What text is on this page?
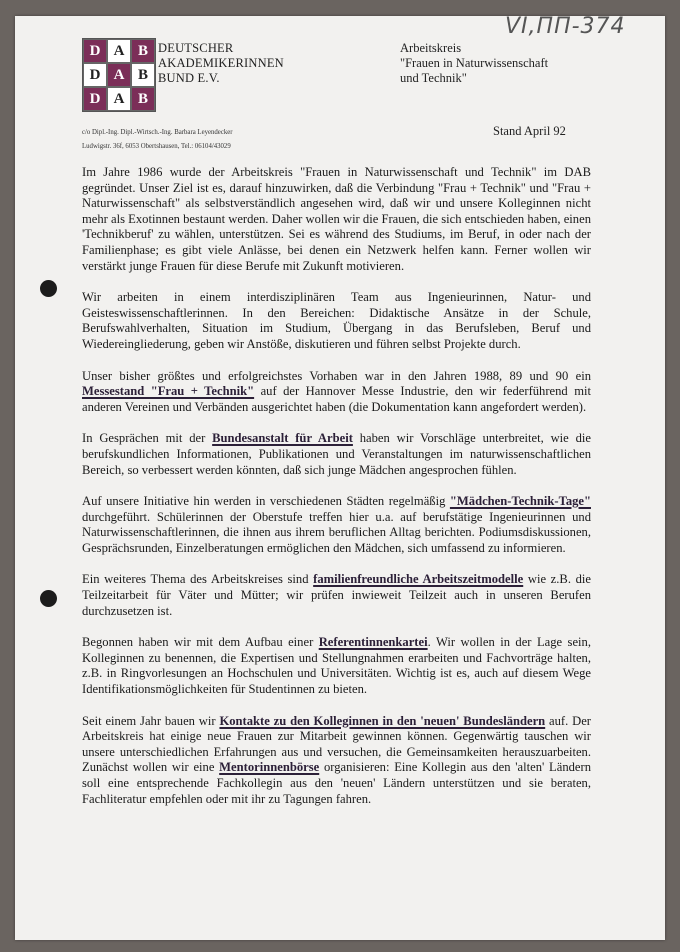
D A B
D A B
D A B
DEUTSCHER
AKADEMIKERINNEN
BUND E.V.
Arbeitskreis
"Frauen in Naturwissenschaft
und Technik"
VI,ПП-374
c/o Dipl.-Ing. Dipl.-Wirtsch.-Ing. Barbara Leyendecker
Ludwigstr. 36f, 6053 Obertshausen, Tel.: 06104/43029
Stand April 92

Im Jahre 1986 wurde der Arbeitskreis "Frauen in Naturwissenschaft und Technik" im DAB gegründet. Unser Ziel ist es, darauf hinzuwirken, daß die Verbindung "Frau + Technik" und "Frau + Naturwissenschaft" als selbstverständlich angesehen wird, daß wir und unsere Kolleginnen nicht mehr als Exotinnen bestaunt werden. Daher wollen wir die Frauen, die sich entschieden haben, einen 'Technikberuf' zu wählen, unterstützen. Sei es während des Studiums, im Beruf, in oder nach der Familienphase; es gibt viele Anlässe, bei denen ein Netzwerk helfen kann. Ferner wollen wir verstärkt junge Frauen für diese Berufe mit Zukunft motivieren.

Wir arbeiten in einem interdisziplinären Team aus Ingenieurinnen, Natur- und Geisteswissenschaftlerinnen. In den Bereichen: Didaktische Ansätze in der Schule, Berufswahlverhalten, Situation im Studium, Übergang in das Berufsleben, Beruf und Wiedereingliederung, geben wir Anstöße, diskutieren und führen selbst Projekte durch.

Unser bisher größtes und erfolgreichstes Vorhaben war in den Jahren 1988, 89 und 90 ein Messestand "Frau + Technik" auf der Hannover Messe Industrie, den wir federführend mit anderen Vereinen und Verbänden ausgerichtet haben (die Dokumentation kann angefordert werden).

In Gesprächen mit der Bundesanstalt für Arbeit haben wir Vorschläge unterbreitet, wie die berufskundlichen Informationen, Publikationen und Veranstaltungen im naturwissenschaftlichen Bereich, so verbessert werden könnten, daß sich junge Mädchen angesprochen fühlen.

Auf unsere Initiative hin werden in verschiedenen Städten regelmäßig "Mädchen-Technik-Tage" durchgeführt. Schülerinnen der Oberstufe treffen hier u.a. auf berufstätige Ingenieurinnen und Naturwissenschaftlerinnen, die ihnen aus ihrem beruflichen Alltag berichten. Podiumsdiskussionen, Gesprächsrunden, Einzelberatungen ermöglichen den Mädchen, sich umfassend zu informieren.

Ein weiteres Thema des Arbeitskreises sind familienfreundliche Arbeitszeitmodelle wie z.B. die Teilzeitarbeit für Väter und Mütter; wir prüfen inwieweit Teilzeit auch in unseren Berufen durchzusetzen ist.

Begonnen haben wir mit dem Aufbau einer Referentinnenkartei. Wir wollen in der Lage sein, Kolleginnen zu benennen, die Expertisen und Stellungnahmen erarbeiten und Fachvorträge halten, z.B. in Ringvorlesungen an Hochschulen und Universitäten. Wichtig ist es, auch auf diesem Wege Identifikationsmöglichkeiten für Studentinnen zu bieten.

Seit einem Jahr bauen wir Kontakte zu den Kolleginnen in den 'neuen' Bundesländern auf. Der Arbeitskreis hat einige neue Frauen zur Mitarbeit gewinnen können. Gegenwärtig tauschen wir unsere unterschiedlichen Erfahrungen aus und versuchen, die Gemeinsamkeiten herauszuarbeiten. Zunächst wollen wir eine Mentorinnenbörse organisieren: Eine Kollegin aus den 'alten' Ländern soll eine entsprechende Fachkollegin aus den 'neuen' Ländern unterstützen und sie beraten, Fachliteratur empfehlen oder mit ihr zu Tagungen fahren.
